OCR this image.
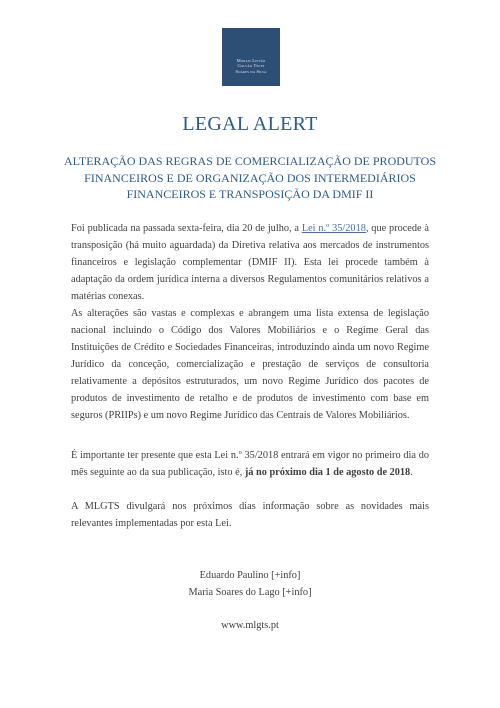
Morais Leitão
Galvão Teles
Soares da Silva
LEGAL ALERT
ALTERAÇÃO DAS REGRAS DE COMERCIALIZAÇÃO DE PRODUTOS FINANCEIROS E DE ORGANIZAÇÃO DOS INTERMEDIÁRIOS FINANCEIROS E TRANSPOSIÇÃO DA DMIF II

Foi publicada na passada sexta-feira, dia 20 de julho, a Lei n.º 35/2018, que procede à transposição (há muito aguardada) da Diretiva relativa aos mercados de instrumentos financeiros e legislação complementar (DMIF II). Esta lei procede também à adaptação da ordem jurídica interna a diversos Regulamentos comunitários relativos a matérias conexas.

As alterações são vastas e complexas e abrangem uma lista extensa de legislação nacional incluindo o Código dos Valores Mobiliários e o Regime Geral das Instituições de Crédito e Sociedades Financeiras, introduzindo ainda um novo Regime Jurídico da conceção, comercialização e prestação de serviços de consultoria relativamente a depósitos estruturados, um novo Regime Jurídico dos pacotes de produtos de investimento de retalho e de produtos de investimento com base em seguros (PRIIPs) e um novo Regime Jurídico das Centrais de Valores Mobiliários.

É importante ter presente que esta Lei n.º 35/2018 entrará em vigor no primeiro dia do mês seguinte ao da sua publicação, isto é, já no próximo dia 1 de agosto de 2018.

A MLGTS divulgará nos próximos dias informação sobre as novidades mais relevantes implementadas por esta Lei.

Eduardo Paulino [+info]
Maria Soares do Lago [+info]
www.mlgts.pt
